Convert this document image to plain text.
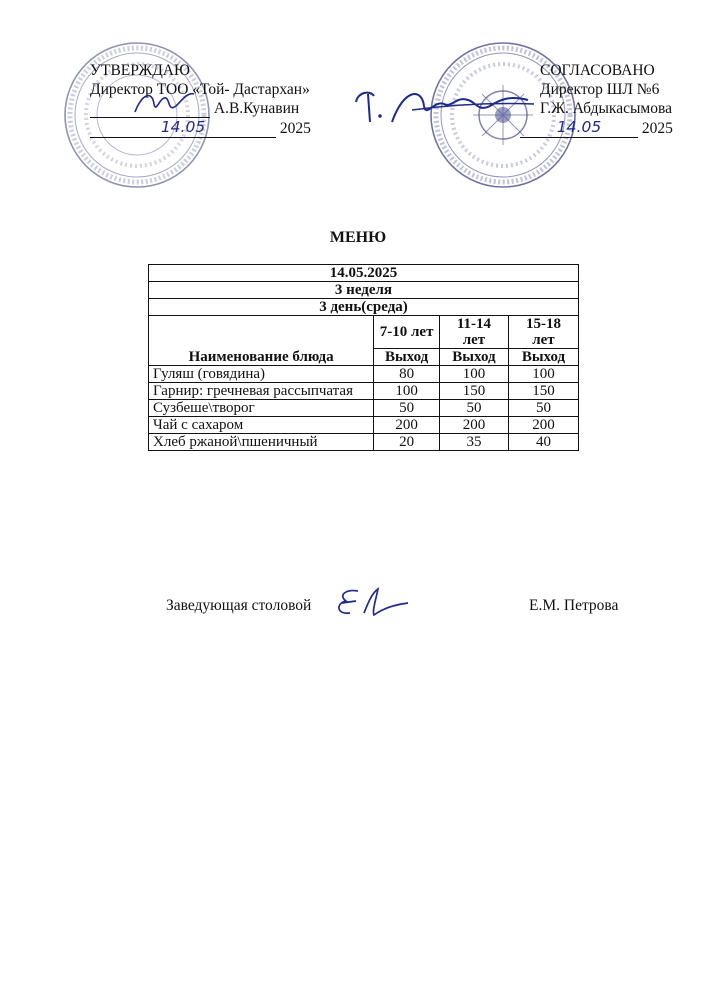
УТВЕРЖДАЮ
Директор ТОО «Той- Дастархан»
А.В.Кунавин
14.05	2025
СОГЛАСОВАНО
Директор ШЛ №6
Г.Ж. Абдыкасымова
14.05	2025
МЕНЮ
14.05.2025			
3 неделя			
3 день(среда)			
Наименование блюда	7-10 лет	11-14 лет	15-18 лет
	Выход	Выход	Выход
Гуляш (говядина)	80	100	100
Гарнир: гречневая рассыпчатая	100	150	150
Сузбеше\творог	50	50	50
Чай с сахаром	200	200	200
Хлеб ржаной\пшеничный	20	35	40
Заведующая столовой	Е.М. Петрова
